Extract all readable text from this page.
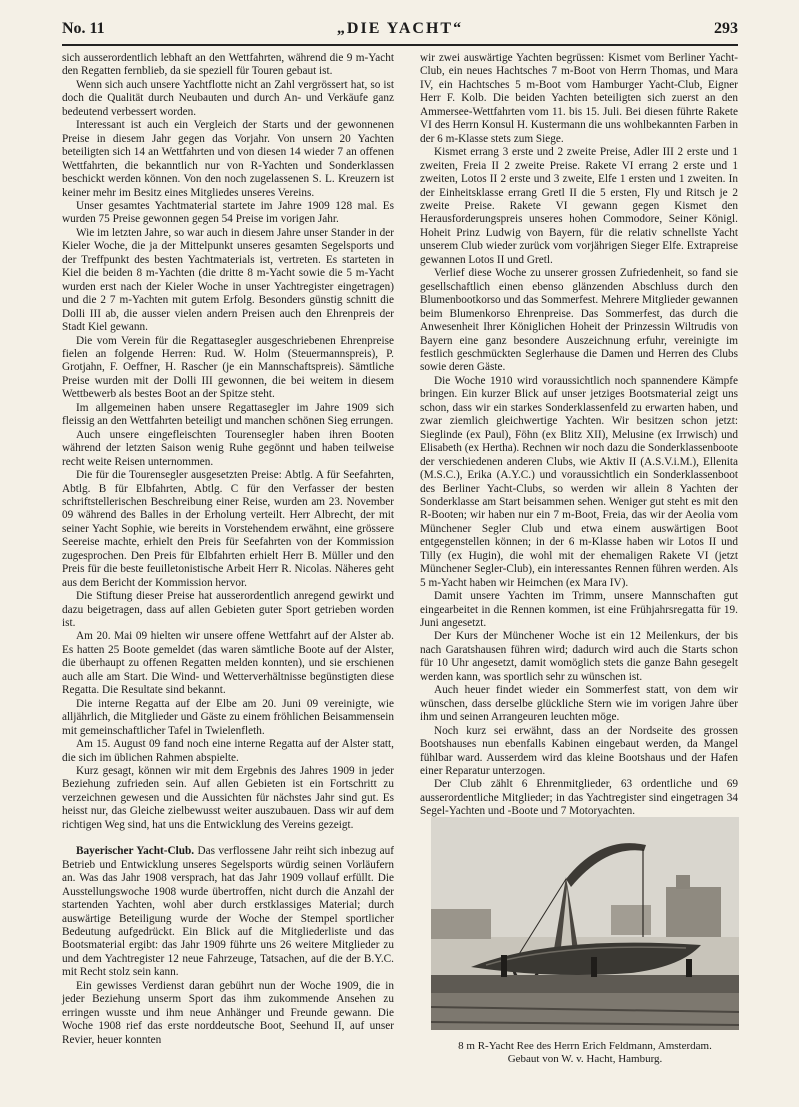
No. 11	„DIE YACHT“	293

sich ausserordentlich lebhaft an den Wettfahrten, während die 9 m-Yacht den Regatten fernblieb, da sie speziell für Touren gebaut ist.

Wenn sich auch unsere Yachtflotte nicht an Zahl vergrössert hat, so ist doch die Qualität durch Neubauten und durch An- und Verkäufe ganz bedeutend verbessert worden.

Interessant ist auch ein Vergleich der Starts und der gewonnenen Preise in diesem Jahr gegen das Vorjahr. Von unsern 20 Yachten beteiligten sich 14 an Wettfahrten und von diesen 14 wieder 7 an offenen Wettfahrten, die bekanntlich nur von R-Yachten und Sonderklassen beschickt werden können. Von den noch zugelassenen S. L. Kreuzern ist keiner mehr im Besitz eines Mitgliedes unseres Vereins.

Unser gesamtes Yachtmaterial startete im Jahre 1909 128 mal. Es wurden 75 Preise gewonnen gegen 54 Preise im vorigen Jahr.

Wie im letzten Jahre, so war auch in diesem Jahre unser Stander in der Kieler Woche, die ja der Mittelpunkt unseres gesamten Segelsports und der Treffpunkt des besten Yachtmaterials ist, vertreten. Es starteten in Kiel die beiden 8 m-Yachten (die dritte 8 m-Yacht sowie die 5 m-Yacht wurden erst nach der Kieler Woche in unser Yachtregister eingetragen) und die 2 7 m-Yachten mit gutem Erfolg. Besonders günstig schnitt die Dolli III ab, die ausser vielen andern Preisen auch den Ehrenpreis der Stadt Kiel gewann.

Die vom Verein für die Regattasegler ausgeschriebenen Ehrenpreise fielen an folgende Herren: Rud. W. Holm (Steuermannspreis), P. Grotjahn, F. Oeffner, H. Rascher (je ein Mannschaftspreis). Sämtliche Preise wurden mit der Dolli III gewonnen, die bei weitem in diesem Wettbewerb als bestes Boot an der Spitze steht.

Im allgemeinen haben unsere Regattasegler im Jahre 1909 sich fleissig an den Wettfahrten beteiligt und manchen schönen Sieg errungen.

Auch unsere eingefleischten Tourensegler haben ihren Booten während der letzten Saison wenig Ruhe gegönnt und haben teilweise recht weite Reisen unternommen.

Die für die Tourensegler ausgesetzten Preise: Abtlg. A für Seefahrten, Abtlg. B für Elbfahrten, Abtlg. C für den Verfasser der besten schriftstellerischen Beschreibung einer Reise, wurden am 23. November 09 während des Balles in der Erholung verteilt. Herr Albrecht, der mit seiner Yacht Sophie, wie bereits in Vorstehendem erwähnt, eine grössere Seereise machte, erhielt den Preis für Seefahrten von der Kommission zugesprochen. Den Preis für Elbfahrten erhielt Herr B. Müller und den Preis für die beste feuilletonistische Arbeit Herr R. Nicolas. Näheres geht aus dem Bericht der Kommission hervor.

Die Stiftung dieser Preise hat ausserordentlich anregend gewirkt und dazu beigetragen, dass auf allen Gebieten guter Sport getrieben worden ist.

Am 20. Mai 09 hielten wir unsere offene Wettfahrt auf der Alster ab. Es hatten 25 Boote gemeldet (das waren sämtliche Boote auf der Alster, die überhaupt zu offenen Regatten melden konnten), und sie erschienen auch alle am Start. Die Wind- und Wetterverhältnisse begünstigten diese Regatta. Die Resultate sind bekannt.

Die interne Regatta auf der Elbe am 20. Juni 09 vereinigte, wie alljährlich, die Mitglieder und Gäste zu einem fröhlichen Beisammensein mit gemeinschaftlicher Tafel in Twielenfleth.

Am 15. August 09 fand noch eine interne Regatta auf der Alster statt, die sich im üblichen Rahmen abspielte.

Kurz gesagt, können wir mit dem Ergebnis des Jahres 1909 in jeder Beziehung zufrieden sein. Auf allen Gebieten ist ein Fortschritt zu verzeichnen gewesen und die Aussichten für nächstes Jahr sind gut. Es heisst nur, das Gleiche zielbewusst weiter auszubauen. Dass wir auf dem richtigen Weg sind, hat uns die Entwicklung des Vereins gezeigt.

Bayerischer Yacht-Club. Das verflossene Jahr reiht sich inbezug auf Betrieb und Entwicklung unseres Segelsports würdig seinen Vorläufern an. Was das Jahr 1908 versprach, hat das Jahr 1909 vollauf erfüllt. Die Ausstellungswoche 1908 wurde übertroffen, nicht durch die Anzahl der startenden Yachten, wohl aber durch erstklassiges Material; durch auswärtige Beteiligung wurde der Woche der Stempel sportlicher Bedeutung aufgedrückt. Ein Blick auf die Mitgliederliste und das Bootsmaterial ergibt: das Jahr 1909 führte uns 26 weitere Mitglieder zu und dem Yachtregister 12 neue Fahrzeuge, Tatsachen, auf die der B.Y.C. mit Recht stolz sein kann.

Ein gewisses Verdienst daran gebührt nun der Woche 1909, die in jeder Beziehung unserm Sport das ihm zukommende Ansehen zu erringen wusste und ihm neue Anhänger und Freunde gewann. Die Woche 1908 rief das erste norddeutsche Boot, Seehund II, auf unser Revier, heuer konnten

wir zwei auswärtige Yachten begrüssen: Kismet vom Berliner Yacht-Club, ein neues Hachtsches 7 m-Boot von Herrn Thomas, und Mara IV, ein Hachtsches 5 m-Boot vom Hamburger Yacht-Club, Eigner Herr F. Kolb. Die beiden Yachten beteiligten sich zuerst an den Ammersee-Wettfahrten vom 11. bis 15. Juli. Bei diesen führte Rakete VI des Herrn Konsul H. Kustermann die uns wohlbekannten Farben in der 6 m-Klasse stets zum Siege.

Kismet errang 3 erste und 2 zweite Preise, Adler III 2 erste und 1 zweiten, Freia II 2 zweite Preise. Rakete VI errang 2 erste und 1 zweiten, Lotos II 2 erste und 3 zweite, Elfe 1 ersten und 1 zweiten. In der Einheitsklasse errang Gretl II die 5 ersten, Fly und Ritsch je 2 zweite Preise. Rakete VI gewann gegen Kismet den Herausforderungspreis unseres hohen Commodore, Seiner Königl. Hoheit Prinz Ludwig von Bayern, für die relativ schnellste Yacht unserem Club wieder zurück vom vorjährigen Sieger Elfe. Extrapreise gewannen Lotos II und Gretl.

Verlief diese Woche zu unserer grossen Zufriedenheit, so fand sie gesellschaftlich einen ebenso glänzenden Abschluss durch den Blumenbootkorso und das Sommerfest. Mehrere Mitglieder gewannen beim Blumenkorso Ehrenpreise. Das Sommerfest, das durch die Anwesenheit Ihrer Königlichen Hoheit der Prinzessin Wiltrudis von Bayern eine ganz besondere Auszeichnung erfuhr, vereinigte im festlich geschmückten Seglerhause die Damen und Herren des Clubs sowie deren Gäste.

Die Woche 1910 wird voraussichtlich noch spannendere Kämpfe bringen. Ein kurzer Blick auf unser jetziges Bootsmaterial zeigt uns schon, dass wir ein starkes Sonderklassenfeld zu erwarten haben, und zwar ziemlich gleichwertige Yachten. Wir besitzen schon jetzt: Sieglinde (ex Paul), Föhn (ex Blitz XII), Melusine (ex Irrwisch) und Elisabeth (ex Hertha). Rechnen wir noch dazu die Sonderklassenboote der verschiedenen anderen Clubs, wie Aktiv II (A.S.V.i.M.), Ellenita (M.S.C.), Erika (A.Y.C.) und voraussichtlich ein Sonderklassenboot des Berliner Yacht-Clubs, so werden wir allein 8 Yachten der Sonderklasse am Start beisammen sehen. Weniger gut steht es mit den R-Booten; wir haben nur ein 7 m-Boot, Freia, das wir der Aeolia vom Münchener Segler Club und etwa einem auswärtigen Boot entgegenstellen können; in der 6 m-Klasse haben wir Lotos II und Tilly (ex Hugin), die wohl mit der ehemaligen Rakete VI (jetzt Münchener Segler-Club), ein interessantes Rennen führen werden. Als 5 m-Yacht haben wir Heimchen (ex Mara IV).

Damit unsere Yachten im Trimm, unsere Mannschaften gut eingearbeitet in die Rennen kommen, ist eine Frühjahrsregatta für 19. Juni angesetzt.

Der Kurs der Münchener Woche ist ein 12 Meilenkurs, der bis nach Garatshausen führen wird; dadurch wird auch die Starts schon für 10 Uhr angesetzt, damit womöglich stets die ganze Bahn gesegelt werden kann, was sportlich sehr zu wünschen ist.

Auch heuer findet wieder ein Sommerfest statt, von dem wir wünschen, dass derselbe glückliche Stern wie im vorigen Jahre über ihm und seinen Arrangeuren leuchten möge.

Noch kurz sei erwähnt, dass an der Nordseite des grossen Bootshauses nun ebenfalls Kabinen eingebaut werden, da Mangel fühlbar ward. Ausserdem wird das kleine Bootshaus und der Hafen einer Reparatur unterzogen.

Der Club zählt 6 Ehrenmitglieder, 63 ordentliche und 69 ausserordentliche Mitglieder; in das Yachtregister sind eingetragen 34 Segel-Yachten und -Boote und 7 Motoryachten.

8 m R-Yacht Ree des Herrn Erich Feldmann, Amsterdam.
Gebaut von W. v. Hacht, Hamburg.
